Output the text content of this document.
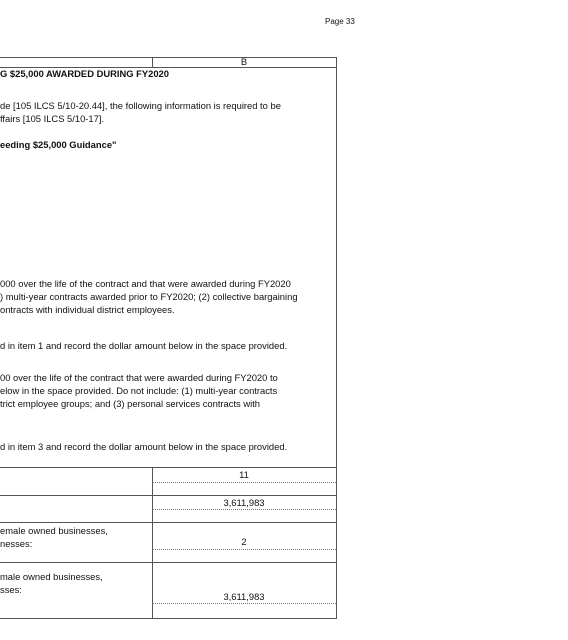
Page 33
B
G $25,000 AWARDED DURING FY2020
de [105 ILCS 5/10-20.44], the following information is required to be
ffairs [105 ILCS 5/10-17].
eeding $25,000 Guidance"
000 over the life of the contract and that were awarded during FY2020
) multi-year contracts awarded prior to FY2020; (2) collective bargaining
ontracts with individual district employees.
d in item 1 and record the dollar amount below in the space provided.
00 over the life of the contract that were awarded during FY2020 to
elow in the space provided. Do not include: (1) multi-year contracts
trict employee groups; and (3) personal services contracts with
d in item 3 and record the dollar amount below in the space provided.
11
3,611,983
emale owned businesses,
nesses:	2
male owned businesses,
sses:
3,611,983
